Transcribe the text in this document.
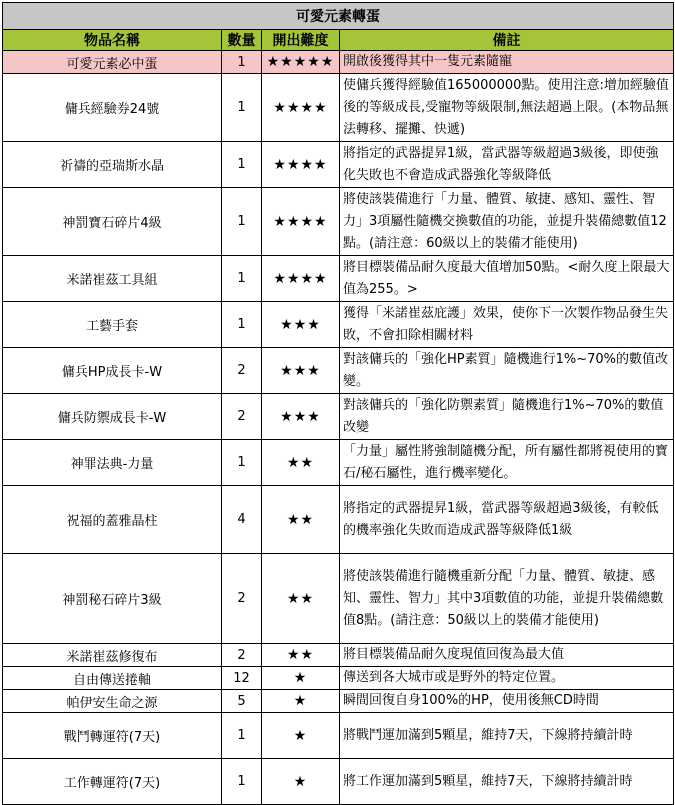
可愛元素轉蛋			
物品名稱	數量	開出難度	備註
可愛元素必中蛋	1	★★★★★	開啟後獲得其中一隻元素隨寵
傭兵經驗券24號	1	★★★★	使傭兵獲得經驗值165000000點。使用注意:增加經驗值後的等級成長,受寵物等級限制,無法超過上限。(本物品無法轉移、擺攤、快遞)
祈禱的亞瑞斯水晶	1	★★★★	將指定的武器提昇1級，當武器等級超過3級後，即使強化失敗也不會造成武器強化等級降低
神罰寶石碎片4級	1	★★★★	將使該裝備進行「力量、體質、敏捷、感知、靈性、智力」3項屬性隨機交換數值的功能，並提升裝備總數值12點。(請注意：60級以上的裝備才能使用)
米諾崔茲工具組	1	★★★★	將目標裝備品耐久度最大值增加50點。<耐久度上限最大值為255。>
工藝手套	1	★★★	獲得「米諾崔茲庇護」效果，使你下一次製作物品發生失敗，不會扣除相關材料
傭兵HP成長卡-W	2	★★★	對該傭兵的「強化HP素質」隨機進行1%~70%的數值改變。
傭兵防禦成長卡-W	2	★★★	對該傭兵的「強化防禦素質」隨機進行1%~70%的數值改變
神罪法典-力量	1	★★	「力量」屬性將強制隨機分配，所有屬性都將視使用的寶石/秘石屬性，進行機率變化。
祝福的蓋雅晶柱	4	★★	將指定的武器提昇1級，當武器等級超過3級後，有較低的機率強化失敗而造成武器等級降低1級
神罰秘石碎片3級	2	★★	將使該裝備進行隨機重新分配「力量、體質、敏捷、感知、靈性、智力」其中3項數值的功能，並提升裝備總數值8點。(請注意：50級以上的裝備才能使用)
米諾崔茲修復布	2	★★	將目標裝備品耐久度現值回復為最大值
自由傳送捲軸	12	★	傳送到各大城市或是野外的特定位置。
帕伊安生命之源	5	★	瞬間回復自身100%的HP，使用後無CD時間
戰鬥轉運符(7天)	1	★	將戰鬥運加滿到5顆星，維持7天，下線將持續計時
工作轉運符(7天)	1	★	將工作運加滿到5顆星，維持7天，下線將持續計時
